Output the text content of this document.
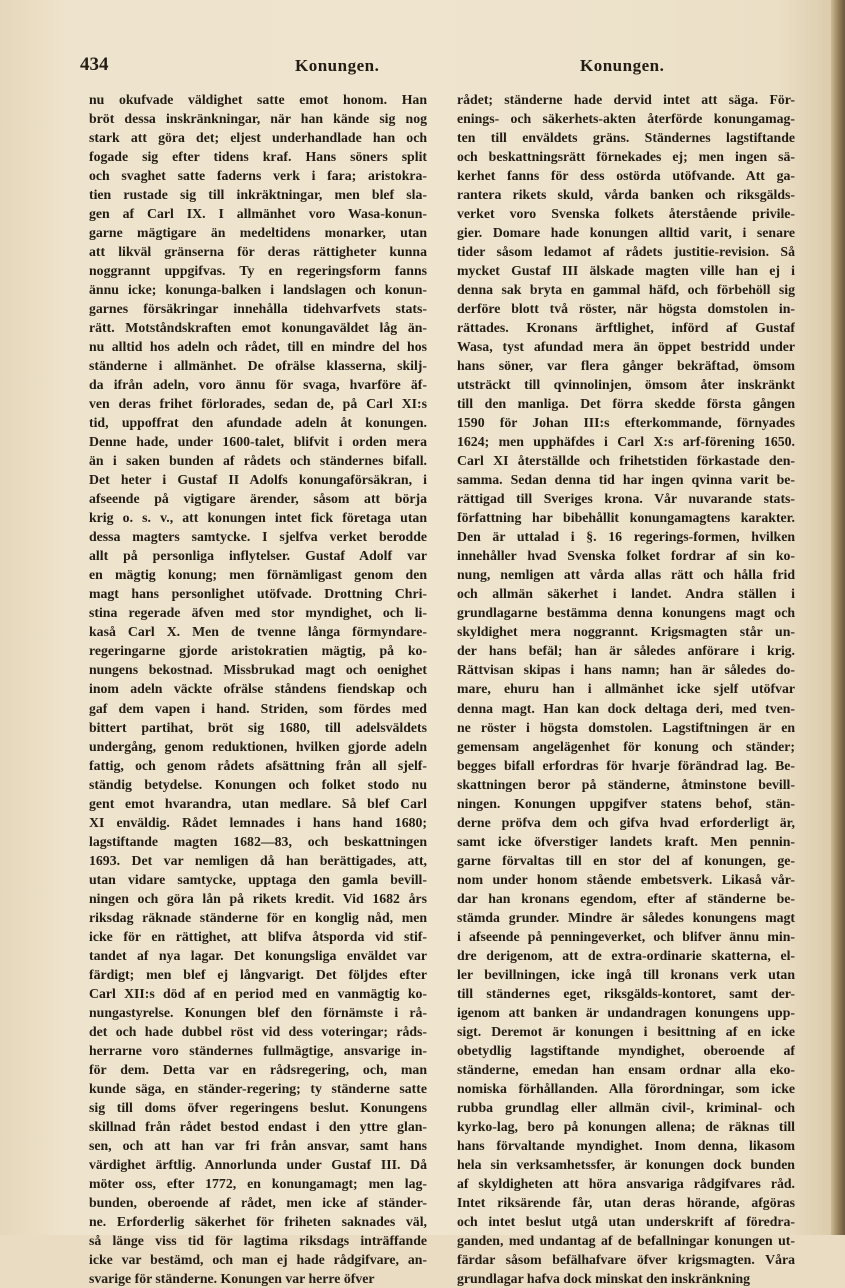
434	Konungen.	Konungen.
nu okufvade väldighet satte emot honom. Han
bröt dessa inskränkningar, när han kände sig nog
stark att göra det; eljest underhandlade han och
fogade sig efter tidens kraf. Hans söners split
och svaghet satte faderns verk i fara; aristokra-
tien rustade sig till inkräktningar, men blef sla-
gen af Carl IX. I allmänhet voro Wasa-konun-
garne mägtigare än medeltidens monarker, utan
att likväl gränserna för deras rättigheter kunna
noggrannt uppgifvas. Ty en regeringsform fanns
ännu icke; konunga-balken i landslagen och konun-
garnes försäkringar innehålla tidehvarfvets stats-
rätt. Motståndskraften emot konungaväldet låg än-
nu alltid hos adeln och rådet, till en mindre del hos
ständerne i allmänhet. De ofrälse klasserna, skilj-
da ifrån adeln, voro ännu för svaga, hvarföre äf-
ven deras frihet förlorades, sedan de, på Carl XI:s
tid, uppoffrat den afundade adeln åt konungen.
Denne hade, under 1600-talet, blifvit i orden mera
än i saken bunden af rådets och ständernes bifall.
Det heter i Gustaf II Adolfs konungaförsäkran, i
afseende på vigtigare ärender, såsom att börja
krig o. s. v., att konungen intet fick företaga utan
dessa magters samtycke. I sjelfva verket berodde
allt på personliga inflytelser. Gustaf Adolf var
en mägtig konung; men förnämligast genom den
magt hans personlighet utöfvade. Drottning Chri-
stina regerade äfven med stor myndighet, och li-
kaså Carl X. Men de tvenne långa förmyndare-
regeringarne gjorde aristokratien mägtig, på ko-
nungens bekostnad. Missbrukad magt och oenighet
inom adeln väckte ofrälse ståndens fiendskap och
gaf dem vapen i hand. Striden, som fördes med
bittert partihat, bröt sig 1680, till adelsväldets
undergång, genom reduktionen, hvilken gjorde adeln
fattig, och genom rådets afsättning från all sjelf-
ständig betydelse. Konungen och folket stodo nu
gent emot hvarandra, utan medlare. Så blef Carl
XI enväldig. Rådet lemnades i hans hand 1680;
lagstiftande magten 1682—83, och beskattningen
1693. Det var nemligen då han berättigades, att,
utan vidare samtycke, upptaga den gamla bevill-
ningen och göra lån på rikets kredit. Vid 1682 års
riksdag räknade ständerne för en konglig nåd, men
icke för en rättighet, att blifva åtsporda vid stif-
tandet af nya lagar. Det konungsliga enväldet var
färdigt; men blef ej långvarigt. Det följdes efter
Carl XII:s död af en period med en vanmägtig ko-
nungastyrelse. Konungen blef den förnämste i rå-
det och hade dubbel röst vid dess voteringar; råds-
herrarne voro ständernes fullmägtige, ansvarige in-
för dem. Detta var en rådsregering, och, man
kunde säga, en ständer-regering; ty ständerne satte
sig till doms öfver regeringens beslut. Konungens
skillnad från rådet bestod endast i den yttre glan-
sen, och att han var fri från ansvar, samt hans
värdighet ärftlig. Annorlunda under Gustaf III. Då
möter oss, efter 1772, en konungamagt; men lag-
bunden, oberoende af rådet, men icke af ständer-
ne. Erforderlig säkerhet för friheten saknades väl,
så länge viss tid för lagtima riksdags inträffande
icke var bestämd, och man ej hade rådgifvare, an-
svarige för ständerne. Konungen var herre öfver
rådet; ständerne hade dervid intet att säga. För-
enings- och säkerhets-akten återförde konungamag-
ten till enväldets gräns. Ständernes lagstiftande
och beskattningsrätt förnekades ej; men ingen sä-
kerhet fanns för dess ostörda utöfvande. Att ga-
rantera rikets skuld, vårda banken och riksgälds-
verket voro Svenska folkets återstående privile-
gier. Domare hade konungen alltid varit, i senare
tider såsom ledamot af rådets justitie-revision. Så
mycket Gustaf III älskade magten ville han ej i
denna sak bryta en gammal häfd, och förbehöll sig
derföre blott två röster, när högsta domstolen in-
rättades. Kronans ärftlighet, införd af Gustaf
Wasa, tyst afundad mera än öppet bestridd under
hans söner, var flera gånger bekräftad, ömsom
utsträckt till qvinnolinjen, ömsom åter inskränkt
till den manliga. Det förra skedde första gången
1590 för Johan III:s efterkommande, förnyades
1624; men upphäfdes i Carl X:s arf-förening 1650.
Carl XI återställde och frihetstiden förkastade den-
samma. Sedan denna tid har ingen qvinna varit be-
rättigad till Sveriges krona. Vår nuvarande stats-
författning har bibehållit konungamagtens karakter.
Den är uttalad i §. 16 regerings-formen, hvilken
innehåller hvad Svenska folket fordrar af sin ko-
nung, nemligen att vårda allas rätt och hålla frid
och allmän säkerhet i landet. Andra ställen i
grundlagarne bestämma denna konungens magt och
skyldighet mera noggrannt. Krigsmagten står un-
der hans befäl; han är således anförare i krig.
Rättvisan skipas i hans namn; han är således do-
mare, ehuru han i allmänhet icke sjelf utöfvar
denna magt. Han kan dock deltaga deri, med tven-
ne röster i högsta domstolen. Lagstiftningen är en
gemensam angelägenhet för konung och ständer;
begges bifall erfordras för hvarje förändrad lag. Be-
skattningen beror på ständerne, åtminstone bevill-
ningen. Konungen uppgifver statens behof, stän-
derne pröfva dem och gifva hvad erforderligt är,
samt icke öfverstiger landets kraft. Men pennin-
garne förvaltas till en stor del af konungen, ge-
nom under honom stående embetsverk. Likaså vår-
dar han kronans egendom, efter af ständerne be-
stämda grunder. Mindre är således konungens magt
i afseende på penningeverket, och blifver ännu min-
dre derigenom, att de extra-ordinarie skatterna, el-
ler bevillningen, icke ingå till kronans verk utan
till ständernes eget, riksgälds-kontoret, samt der-
igenom att banken är undandragen konungens upp-
sigt. Deremot är konungen i besittning af en icke
obetydlig lagstiftande myndighet, oberoende af
ständerne, emedan han ensam ordnar alla eko-
nomiska förhållanden. Alla förordningar, som icke
rubba grundlag eller allmän civil-, kriminal- och
kyrko-lag, bero på konungen allena; de räknas till
hans förvaltande myndighet. Inom denna, likasom
hela sin verksamhetssfer, är konungen dock bunden
af skyldigheten att höra ansvariga rådgifvares råd.
Intet riksärende får, utan deras hörande, afgöras
och intet beslut utgå utan underskrift af föredra-
ganden, med undantag af de befallningar konungen ut-
färdar såsom befälhafvare öfver krigsmagten. Våra
grundlagar hafva dock minskat den inskränkning
